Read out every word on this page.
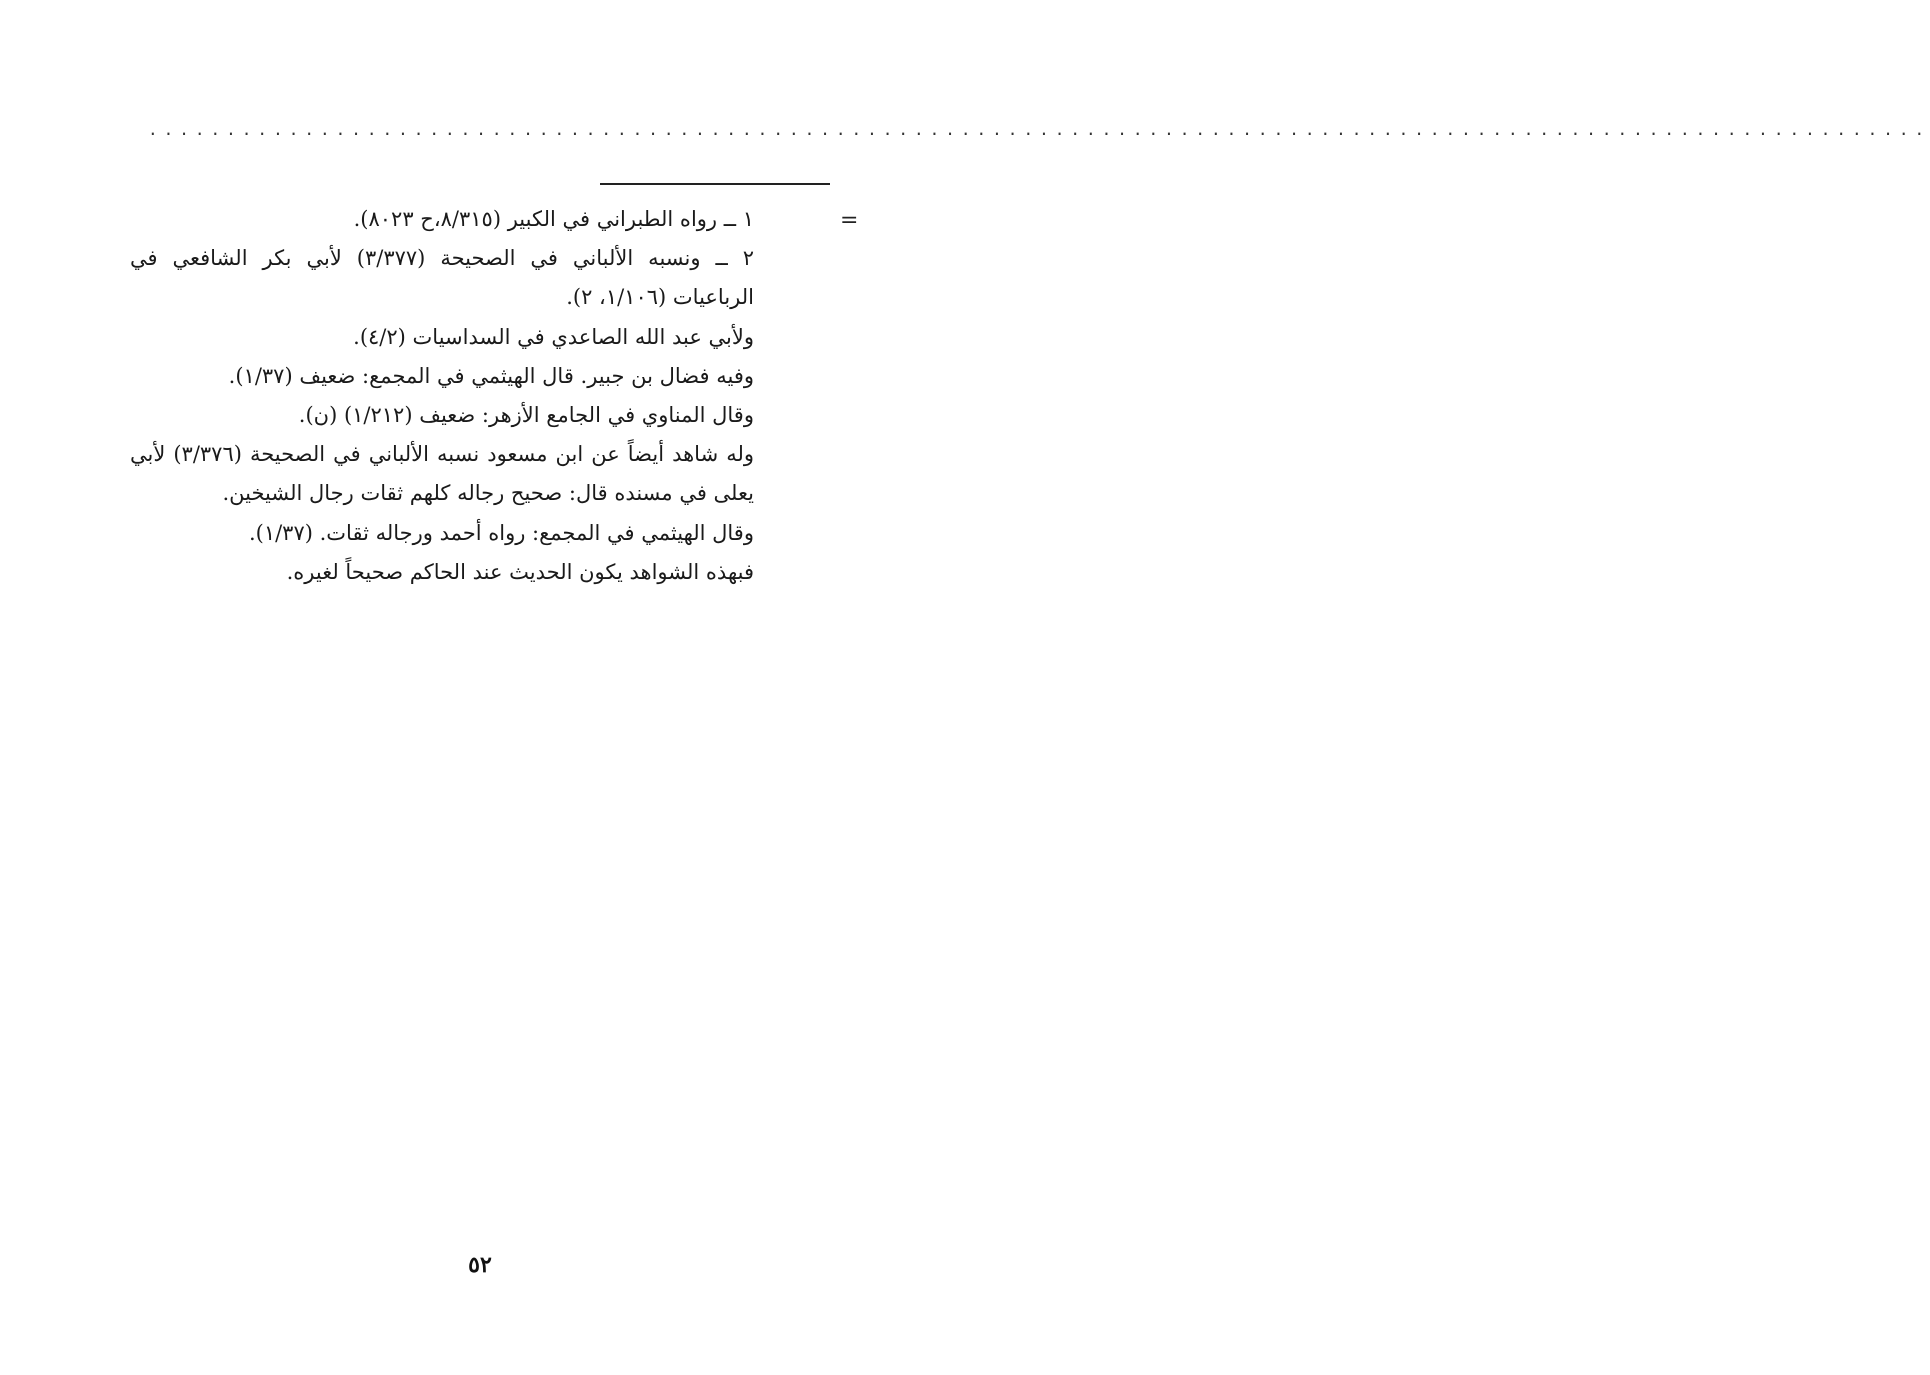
..................................................................................................................
=
١ ــ رواه الطبراني في الكبير (٨/٣١٥،ح ٨٠٢٣).
٢ ــ ونسبه الألباني في الصحيحة (٣/٣٧٧) لأبي بكر الشافعي في
الرباعيات (١/١٠٦، ٢).
ولأبي عبد الله الصاعدي في السداسيات (٤/٢).
وفيه فضال بن جبير. قال الهيثمي في المجمع: ضعيف (١/٣٧).
وقال المناوي في الجامع الأزهر: ضعيف (١/٢١٢) (ن).
وله شاهد أيضاً عن ابن مسعود نسبه الألباني في الصحيحة (٣/٣٧٦) لأبي
يعلى في مسنده قال: صحيح رجاله كلهم ثقات رجال الشيخين.
وقال الهيثمي في المجمع: رواه أحمد ورجاله ثقات. (١/٣٧).
فبهذه الشواهد يكون الحديث عند الحاكم صحيحاً لغيره.
٥٢
